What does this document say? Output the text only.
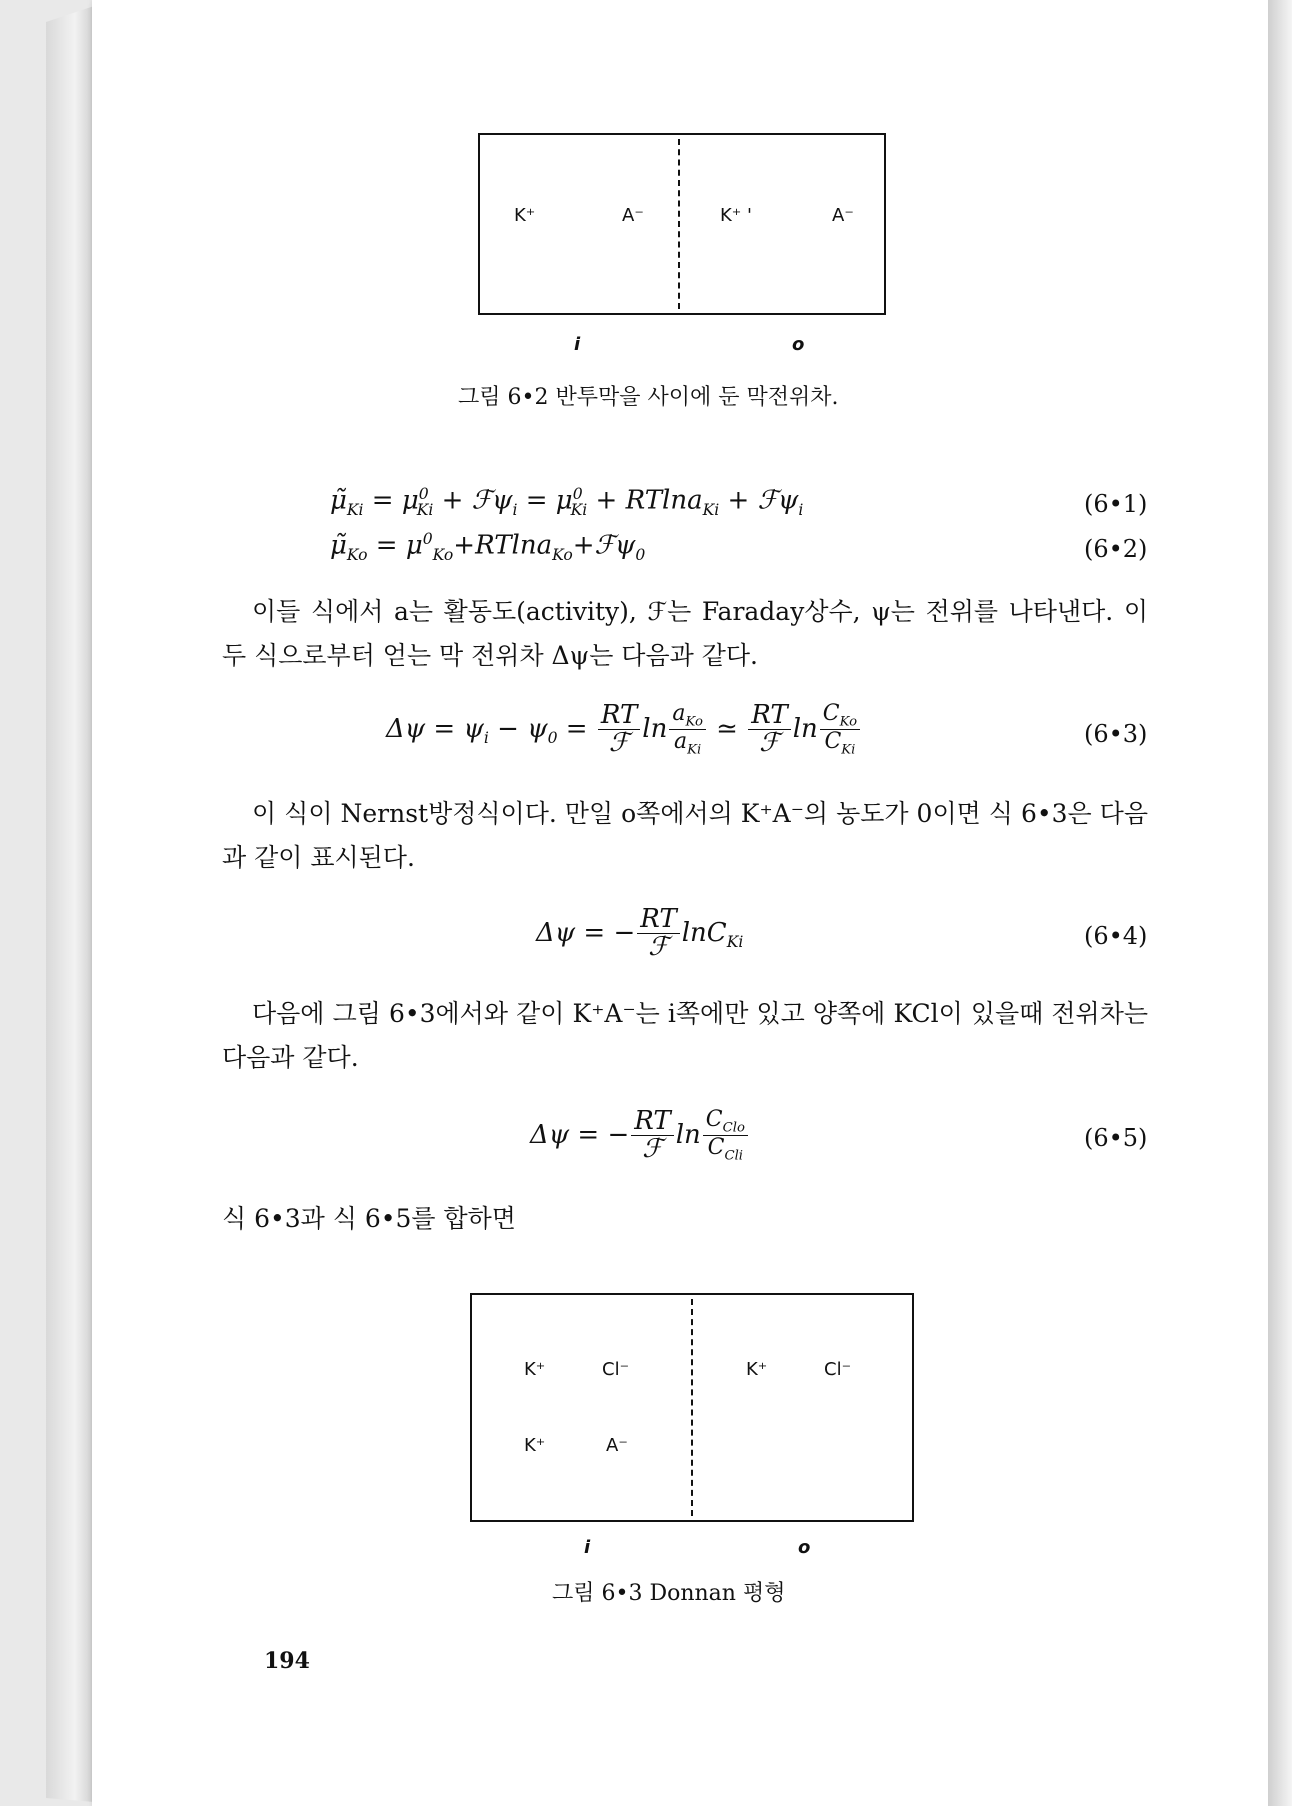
K⁺	A⁻	K⁺ '	A⁻
i	o
그림 6•2 반투막을 사이에 둔 막전위차.
$\mũ_{Ki} = \mu^0_{Ki}$ + ℱψ$_i$ = $\mu^0_{Ki} + RTlna_{Ki}$ + ℱψ$_i$	(6•1)
$\mũ_{Ko}$ = $\mu^0_{Ko}+RTlna_{Ko}+ℱ\psi_0$	(6•2)
이들 식에서 a는 활동도(activity), ℱ는 Faraday상수, ψ는 전위를 나타낸다. 이 두 식으로부터 얻는 막 전위차 Δψ는 다음과 같다.
$\Delta\psi = \psi_i - \psi_0 = \frac{RT}{\text{ℱ}}$ $\ln \frac{a_{Ko}}{a_{Ki}}$ ≃ $\frac{RT}{\text{ℱ}}$ $\ln \frac{C_{Ko}}{C_{Ki}}$	(6•3)
이 식이 Nernst방정식이다. 만일 o쪽에서의 K⁺A⁻의 농도가 0이면 식 6•3은 다음과 같이 표시된다.
Δψ = − $\frac{RT}{\text{ℱ}} \ln C_{Ki}$	(6•4)
다음에 그림 6•3에서와 같이 K⁺A⁻는 i쪽에만 있고 양쪽에 KCl이 있을때 전위차는 다음과 같다.
Δψ = − $\frac{RT}{\text{ℱ}}$ $\ln \frac{C_{Clo}}{C_{Cli}}$	(6•5)
식 6•3과 식 6•5를 합하면
K⁺	Cl⁻
K⁺	A⁻
K⁺	Cl⁻
i	o
그림 6•3 Donnan 평형
194
